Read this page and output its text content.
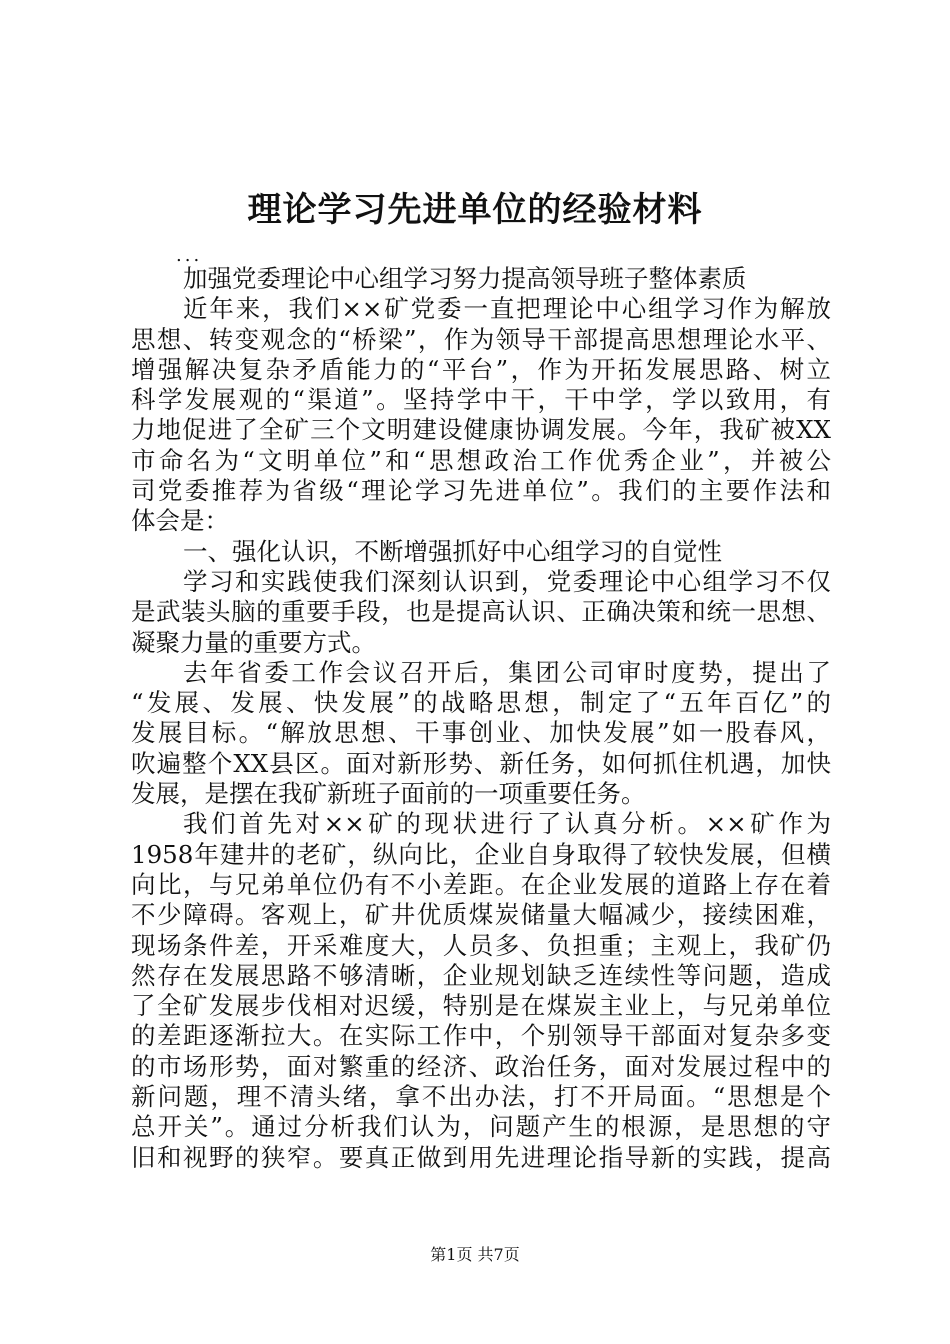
理论学习先进单位的经验材料
...
加强党委理论中心组学习努力提高领导班子整体素质
近年来，我们××矿党委一直把理论中心组学习作为解放
思想、转变观念的“桥梁”，作为领导干部提高思想理论水平、
增强解决复杂矛盾能力的“平台”，作为开拓发展思路、树立
科学发展观的“渠道”。坚持学中干，干中学，学以致用，有
力地促进了全矿三个文明建设健康协调发展。今年，我矿被XX
市命名为“文明单位”和“思想政治工作优秀企业”，并被公
司党委推荐为省级“理论学习先进单位”。我们的主要作法和
体会是：
一、强化认识，不断增强抓好中心组学习的自觉性
学习和实践使我们深刻认识到，党委理论中心组学习不仅
是武装头脑的重要手段，也是提高认识、正确决策和统一思想、
凝聚力量的重要方式。
去年省委工作会议召开后，集团公司审时度势，提出了
“发展、发展、快发展”的战略思想，制定了“五年百亿”的
发展目标。“解放思想、干事创业、加快发展”如一股春风，
吹遍整个XX县区。面对新形势、新任务，如何抓住机遇，加快
发展，是摆在我矿新班子面前的一项重要任务。
我们首先对××矿的现状进行了认真分析。××矿作为
1958年建井的老矿，纵向比，企业自身取得了较快发展，但横
向比，与兄弟单位仍有不小差距。在企业发展的道路上存在着
不少障碍。客观上，矿井优质煤炭储量大幅减少，接续困难，
现场条件差，开采难度大，人员多、负担重；主观上，我矿仍
然存在发展思路不够清晰，企业规划缺乏连续性等问题，造成
了全矿发展步伐相对迟缓，特别是在煤炭主业上，与兄弟单位
的差距逐渐拉大。在实际工作中，个别领导干部面对复杂多变
的市场形势，面对繁重的经济、政治任务，面对发展过程中的
新问题，理不清头绪，拿不出办法，打不开局面。“思想是个
总开关”。通过分析我们认为，问题产生的根源，是思想的守
旧和视野的狭窄。要真正做到用先进理论指导新的实践，提高
第1页 共7页
